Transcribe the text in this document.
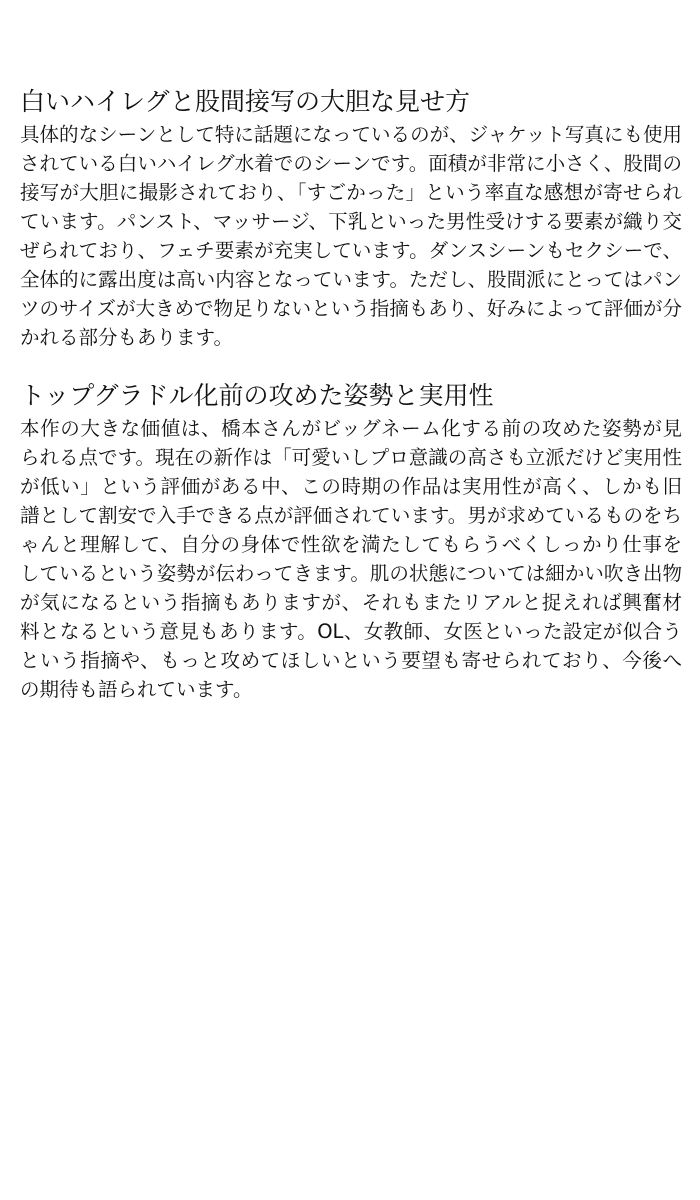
白いハイレグと股間接写の大胆な見せ方

具体的なシーンとして特に話題になっているのが、ジャケット写真にも使用されている白いハイレグ水着でのシーンです。面積が非常に小さく、股間の接写が大胆に撮影されており、「すごかった」という率直な感想が寄せられています。パンスト、マッサージ、下乳といった男性受けする要素が織り交ぜられており、フェチ要素が充実しています。ダンスシーンもセクシーで、全体的に露出度は高い内容となっています。ただし、股間派にとってはパンツのサイズが大きめで物足りないという指摘もあり、好みによって評価が分かれる部分もあります。

トップグラドル化前の攻めた姿勢と実用性

本作の大きな価値は、橋本さんがビッグネーム化する前の攻めた姿勢が見られる点です。現在の新作は「可愛いしプロ意識の高さも立派だけど実用性が低い」という評価がある中、この時期の作品は実用性が高く、しかも旧譜として割安で入手できる点が評価されています。男が求めているものをちゃんと理解して、自分の身体で性欲を満たしてもらうべくしっかり仕事をしているという姿勢が伝わってきます。肌の状態については細かい吹き出物が気になるという指摘もありますが、それもまたリアルと捉えれば興奮材料となるという意見もあります。OL、女教師、女医といった設定が似合うという指摘や、もっと攻めてほしいという要望も寄せられており、今後への期待も語られています。
